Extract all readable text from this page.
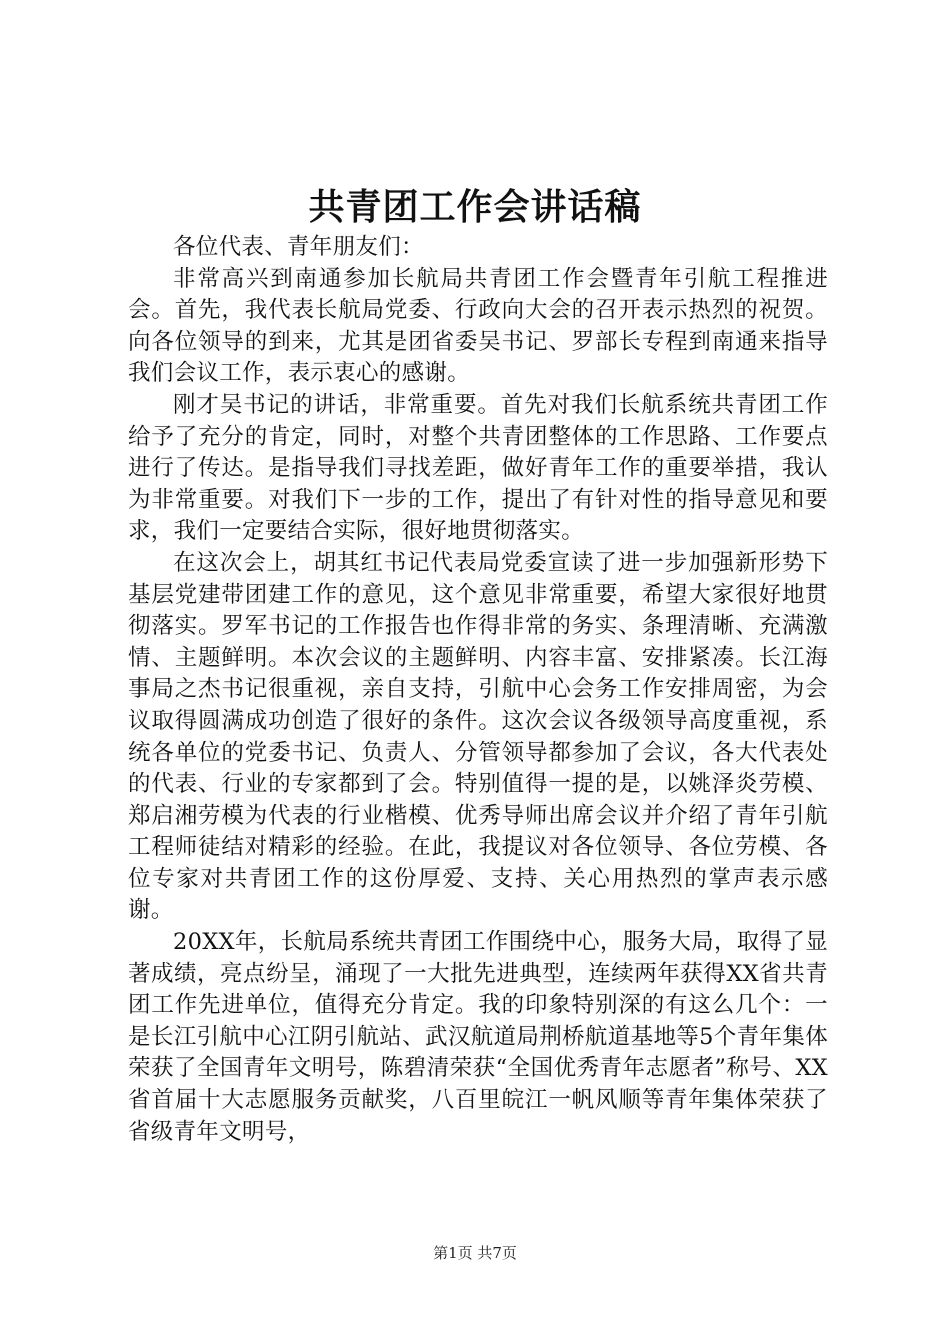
共青团工作会讲话稿

各位代表、青年朋友们：

非常高兴到南通参加长航局共青团工作会暨青年引航工程推进会。首先，我代表长航局党委、行政向大会的召开表示热烈的祝贺。向各位领导的到来，尤其是团省委吴书记、罗部长专程到南通来指导我们会议工作，表示衷心的感谢。

刚才吴书记的讲话，非常重要。首先对我们长航系统共青团工作给予了充分的肯定，同时，对整个共青团整体的工作思路、工作要点进行了传达。是指导我们寻找差距，做好青年工作的重要举措，我认为非常重要。对我们下一步的工作，提出了有针对性的指导意见和要求，我们一定要结合实际，很好地贯彻落实。

在这次会上，胡其红书记代表局党委宣读了进一步加强新形势下基层党建带团建工作的意见，这个意见非常重要，希望大家很好地贯彻落实。罗军书记的工作报告也作得非常的务实、条理清晰、充满激情、主题鲜明。本次会议的主题鲜明、内容丰富、安排紧凑。长江海事局之杰书记很重视，亲自支持，引航中心会务工作安排周密，为会议取得圆满成功创造了很好的条件。这次会议各级领导高度重视，系统各单位的党委书记、负责人、分管领导都参加了会议，各大代表处的代表、行业的专家都到了会。特别值得一提的是，以姚泽炎劳模、郑启湘劳模为代表的行业楷模、优秀导师出席会议并介绍了青年引航工程师徒结对精彩的经验。在此，我提议对各位领导、各位劳模、各位专家对共青团工作的这份厚爱、支持、关心用热烈的掌声表示感谢。

20XX年，长航局系统共青团工作围绕中心，服务大局，取得了显著成绩，亮点纷呈，涌现了一大批先进典型，连续两年获得XX省共青团工作先进单位，值得充分肯定。我的印象特别深的有这么几个：一是长江引航中心江阴引航站、武汉航道局荆桥航道基地等5个青年集体荣获了全国青年文明号，陈碧清荣获“全国优秀青年志愿者”称号、XX省首届十大志愿服务贡献奖，八百里皖江一帆风顺等青年集体荣获了省级青年文明号，

第1页 共7页
